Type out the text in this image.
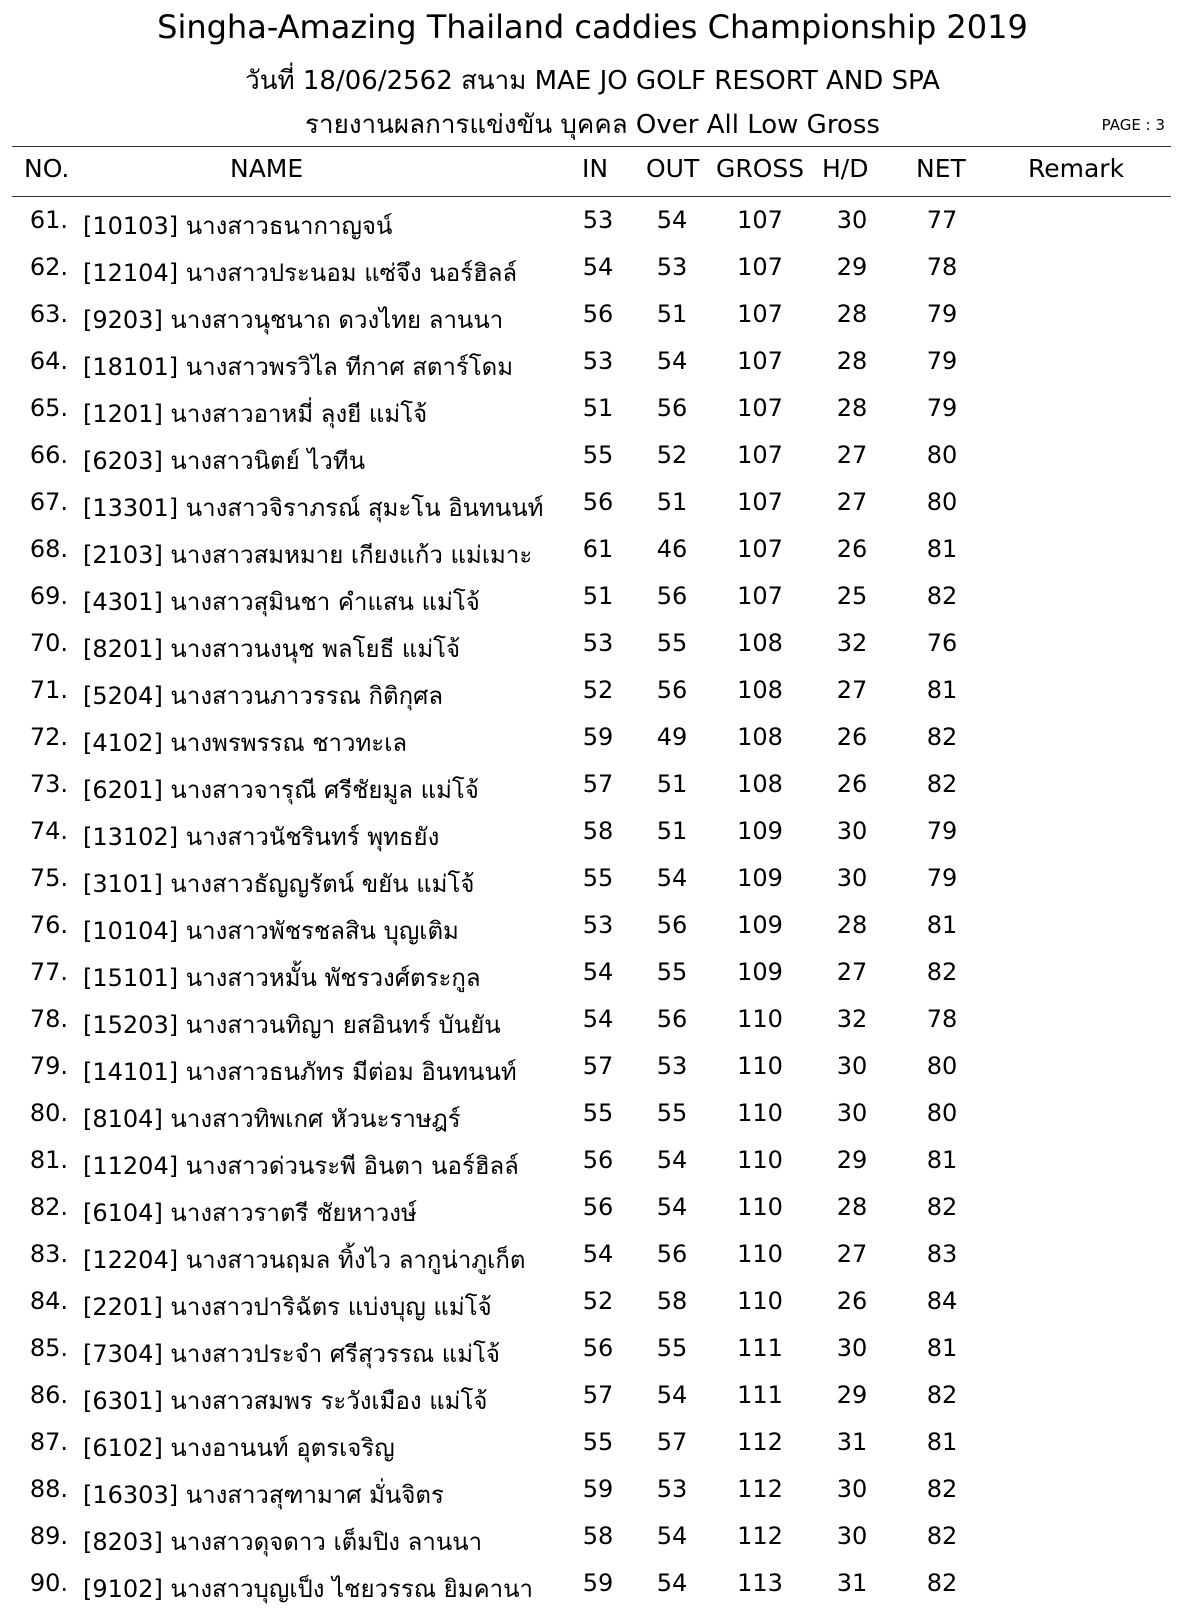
Singha-Amazing Thailand caddies Championship 2019
วันที่ 18/06/2562 สนาม MAE JO GOLF RESORT AND SPA
รายงานผลการแข่งขัน บุคคล Over All Low Gross	PAGE : 3
NO.	NAME	IN OUT GROSS H/D NET Remark
61. [10103] นางสาวธนากาญจน์	53 54 107 30 77
62. [12104] นางสาวประนอม แซ่จึง นอร์ฮิลล์	54 53 107 29 78
63. [9203] นางสาวนุชนาถ ดวงไทย ลานนา	56 51 107 28 79
64. [18101] นางสาวพรวิไล ทีกาศ สตาร์โดม	53 54 107 28 79
65. [1201] นางสาวอาหมี่ ลุงยี แม่โจ้	51 56 107 28 79
66. [6203] นางสาวนิตย์ ไวทีน	55 52 107 27 80
67. [13301] นางสาวจิราภรณ์ สุมะโน อินทนนท์ 56 51 107 27 80
68. [2103] นางสาวสมหมาย เกียงแก้ว แม่เมาะ 61 46 107 26 81
69. [4301] นางสาวสุมินชา คำแสน แม่โจ้	51 56 107 25 82
70. [8201] นางสาวนงนุช พลโยธี แม่โจ้	53 55 108 32 76
71. [5204] นางสาวนภาวรรณ กิติกุศล	52 56 108 27 81
72. [4102] นางพรพรรณ ชาวทะเล	59 49 108 26 82
73. [6201] นางสาวจารุณี ศรีชัยมูล แม่โจ้	57 51 108 26 82
74. [13102] นางสาวนัชรินทร์ พุทธยัง	58 51 109 30 79
75. [3101] นางสาวธัญญรัตน์ ขยัน แม่โจ้	55 54 109 30 79
76. [10104] นางสาวพัชรชลสิน บุญเติม	53 56 109 28 81
77. [15101] นางสาวหมั้น พัชรวงศ์ตระกูล	54 55 109 27 82
78. [15203] นางสาวนทิญา ยสอินทร์ บันยัน	54 56 110 32 78
79. [14101] นางสาวธนภัทร มีต่อม อินทนนท์	57 53 110 30 80
80. [8104] นางสาวทิพเกศ หัวนะราษฎร์	55 55 110 30 80
81. [11204] นางสาวด่วนระพี อินตา นอร์ฮิลล์	56 54 110 29 81
82. [6104] นางสาวราตรี ชัยหาวงษ์	56 54 110 28 82
83. [12204] นางสาวนฤมล ทิ้งไว ลากูน่าภูเก็ต 54 56 110 27 83
84. [2201] นางสาวปาริฉัตร แบ่งบุญ แม่โจ้	52 58 110 26 84
85. [7304] นางสาวประจำ ศรีสุวรรณ แม่โจ้	56 55 111 30 81
86. [6301] นางสาวสมพร ระวังเมือง แม่โจ้	57 54 111 29 82
87. [6102] นางอานนท์ อุตรเจริญ	55 57 112 31 81
88. [16303] นางสาวสุฑามาศ มั่นจิตร	59 53 112 30 82
89. [8203] นางสาวดุจดาว เต็มปิง ลานนา	58 54 112 30 82
90. [9102] นางสาวบุญเป็ง ไชยวรรณ ยิมคานา 59 54 113 31 82
